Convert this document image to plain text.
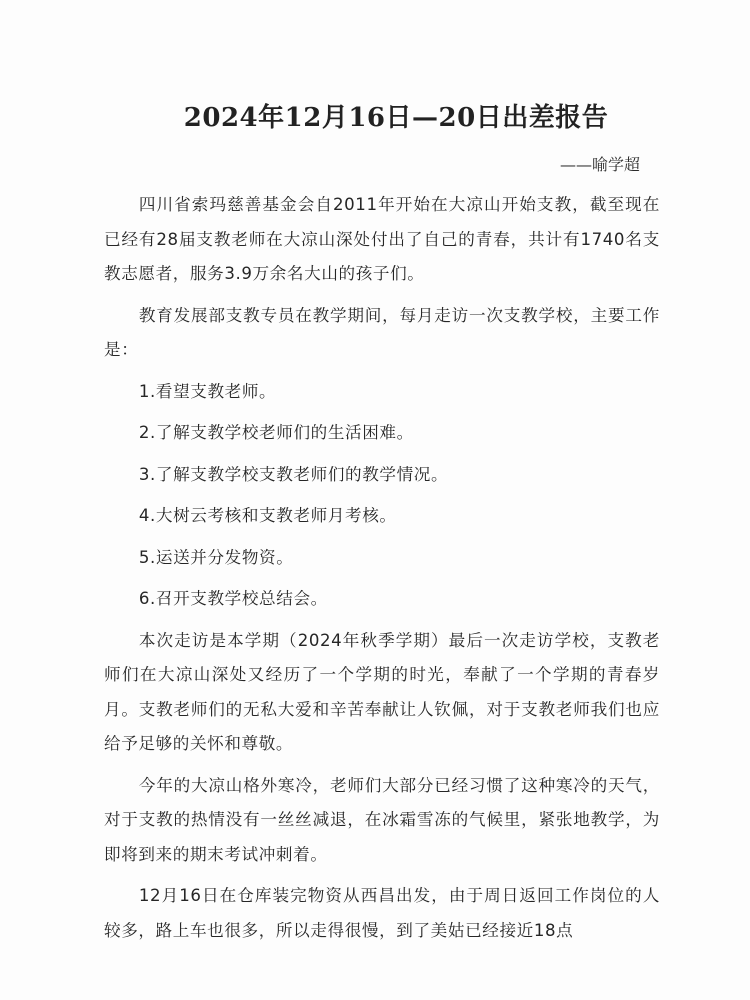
2024年12月16日—20日出差报告
——喻学超

四川省索玛慈善基金会自2011年开始在大凉山开始支教，截至现在已经有28届支教老师在大凉山深处付出了自己的青春，共计有1740名支教志愿者，服务3.9万余名大山的孩子们。

教育发展部支教专员在教学期间，每月走访一次支教学校，主要工作是：

1.看望支教老师。

2.了解支教学校老师们的生活困难。

3.了解支教学校支教老师们的教学情况。

4.大树云考核和支教老师月考核。

5.运送并分发物资。

6.召开支教学校总结会。

本次走访是本学期（2024年秋季学期）最后一次走访学校，支教老师们在大凉山深处又经历了一个学期的时光，奉献了一个学期的青春岁月。支教老师们的无私大爱和辛苦奉献让人钦佩，对于支教老师我们也应给予足够的关怀和尊敬。

今年的大凉山格外寒冷，老师们大部分已经习惯了这种寒冷的天气，对于支教的热情没有一丝丝减退，在冰霜雪冻的气候里，紧张地教学，为即将到来的期末考试冲刺着。

12月16日在仓库装完物资从西昌出发，由于周日返回工作岗位的人较多，路上车也很多，所以走得很慢，到了美姑已经接近18点
